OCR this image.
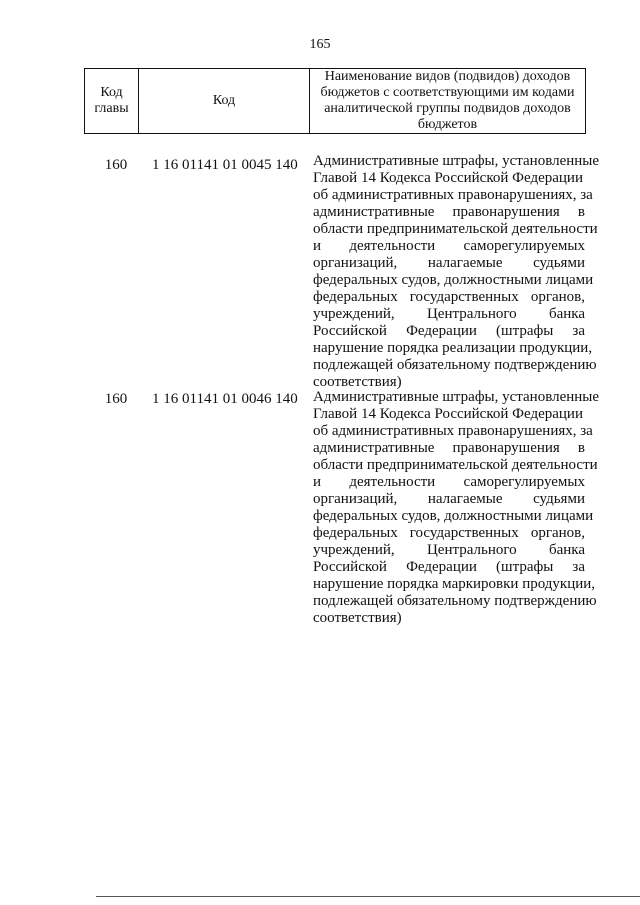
165
Код
главы
Код
Наименование видов (подвидов) доходов
бюджетов с соответствующими им кодами
аналитической группы подвидов доходов
бюджетов
160 1 16 01141 01 0045 140 Административные штрафы, установленные
Главой 14 Кодекса Российской Федерации
об административных правонарушениях, за
административные правонарушения в
области предпринимательской деятельности
и деятельности саморегулируемых
организаций, налагаемые судьями
федеральных судов, должностными лицами
федеральных государственных органов,
учреждений, Центрального банка
Российской Федерации (штрафы за
нарушение порядка реализации продукции,
подлежащей обязательному подтверждению
соответствия)
160 1 16 01141 01 0046 140 Административные штрафы, установленные
Главой 14 Кодекса Российской Федерации
об административных правонарушениях, за
административные правонарушения в
области предпринимательской деятельности
и деятельности саморегулируемых
организаций, налагаемые судьями
федеральных судов, должностными лицами
федеральных государственных органов,
учреждений, Центрального банка
Российской Федерации (штрафы за
нарушение порядка маркировки продукции,
подлежащей обязательному подтверждению
соответствия)
